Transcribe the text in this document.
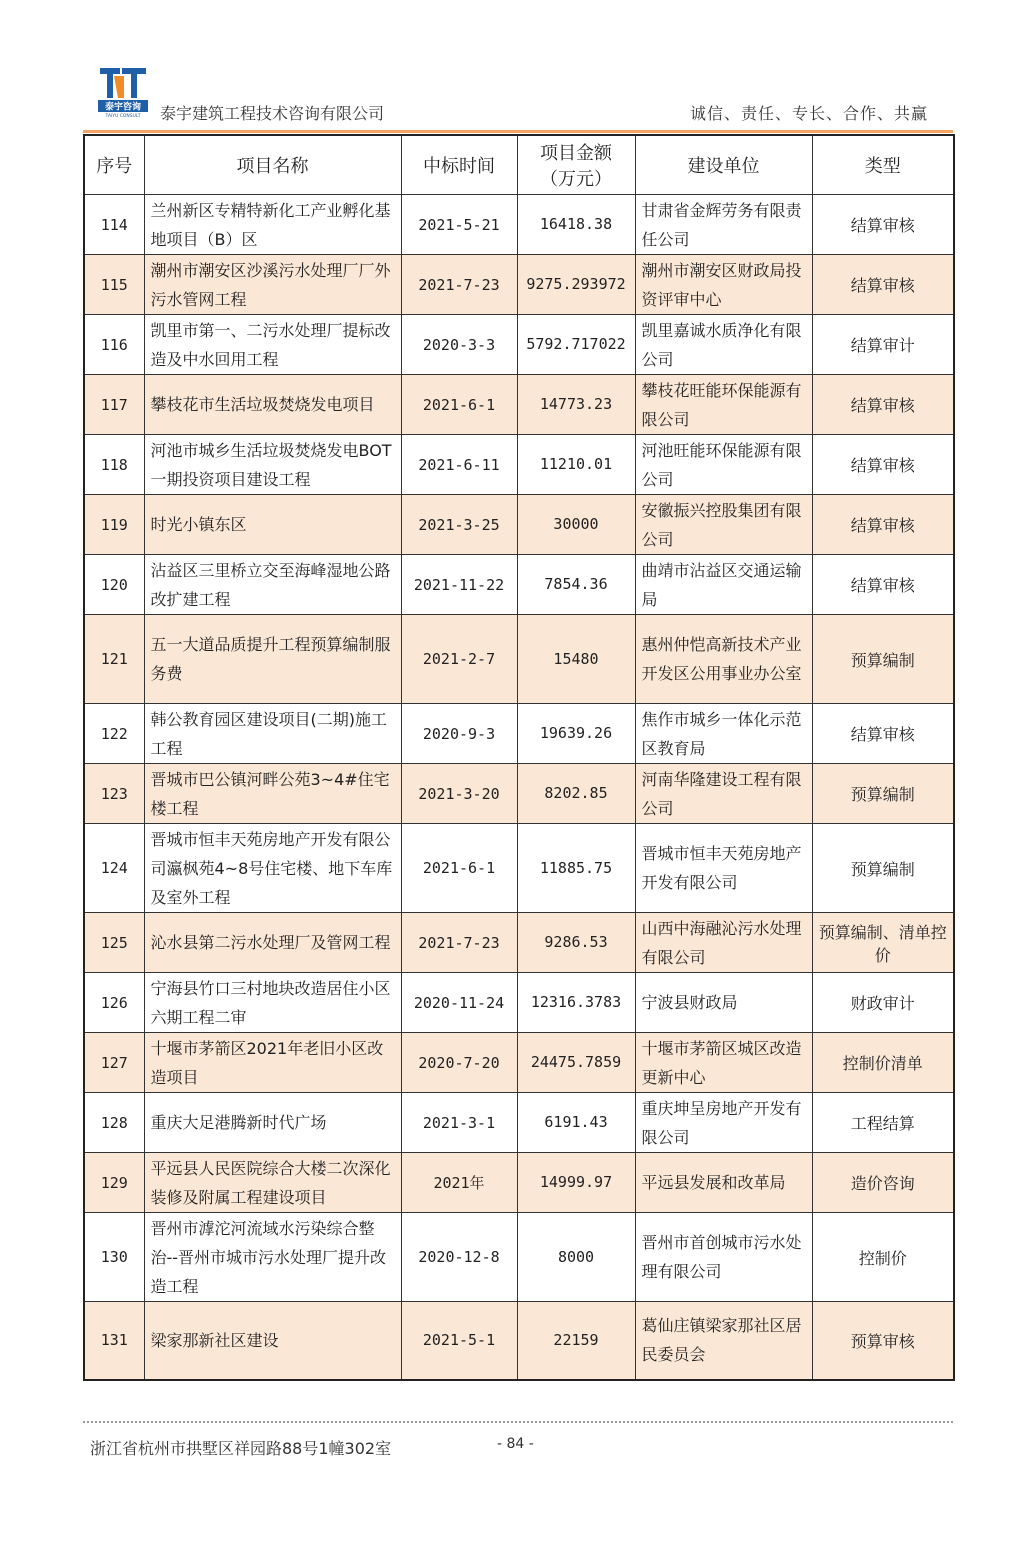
泰宇咨询
TAIYU CONSULT 泰宇建筑工程技术咨询有限公司	诚信、责任、专长、合作、共赢
序号	项目名称	中标时间	项目金额（万元）	建设单位	类型
114	兰州新区专精特新化工产业孵化基地项目（B）区	2021-5-21	16418.38	甘肃省金辉劳务有限责任公司	结算审核
115	潮州市潮安区沙溪污水处理厂厂外污水管网工程	2021-7-23	9275.293972	潮州市潮安区财政局投资评审中心	结算审核
116	凯里市第一、二污水处理厂提标改造及中水回用工程	2020-3-3	5792.717022	凯里嘉诚水质净化有限公司	结算审计
117	攀枝花市生活垃圾焚烧发电项目	2021-6-1	14773.23	攀枝花旺能环保能源有限公司	结算审核
118	河池市城乡生活垃圾焚烧发电BOT一期投资项目建设工程	2021-6-11	11210.01	河池旺能环保能源有限公司	结算审核
119	时光小镇东区	2021-3-25	30000	安徽振兴控股集团有限公司	结算审核
120	沾益区三里桥立交至海峰湿地公路改扩建工程	2021-11-22	7854.36	曲靖市沾益区交通运输局	结算审核
121	五一大道品质提升工程预算编制服务费	2021-2-7	15480	惠州仲恺高新技术产业开发区公用事业办公室	预算编制
122	韩公教育园区建设项目(二期)施工工程	2020-9-3	19639.26	焦作市城乡一体化示范区教育局	结算审核
123	晋城市巴公镇河畔公苑3~4#住宅楼工程	2021-3-20	8202.85	河南华隆建设工程有限公司	预算编制
124	晋城市恒丰天苑房地产开发有限公司瀛枫苑4~8号住宅楼、地下车库及室外工程	2021-6-1	11885.75	晋城市恒丰天苑房地产开发有限公司	预算编制
125	沁水县第二污水处理厂及管网工程	2021-7-23	9286.53	山西中海融沁污水处理有限公司	预算编制、清单控价
126	宁海县竹口三村地块改造居住小区六期工程二审	2020-11-24	12316.3783	宁波县财政局	财政审计
127	十堰市茅箭区2021年老旧小区改造项目	2020-7-20	24475.7859	十堰市茅箭区城区改造更新中心	控制价清单
128	重庆大足港腾新时代广场	2021-3-1	6191.43	重庆坤呈房地产开发有限公司	工程结算
129	平远县人民医院综合大楼二次深化装修及附属工程建设项目	2021年	14999.97	平远县发展和改革局	造价咨询
130	晋州市滹沱河流域水污染综合整治--晋州市城市污水处理厂提升改造工程	2020-12-8	8000	晋州市首创城市污水处理有限公司	控制价
131	梁家那新社区建设	2021-5-1	22159	葛仙庄镇梁家那社区居民委员会	预算审核
浙江省杭州市拱墅区祥园路88号1幢302室	- 84 -
